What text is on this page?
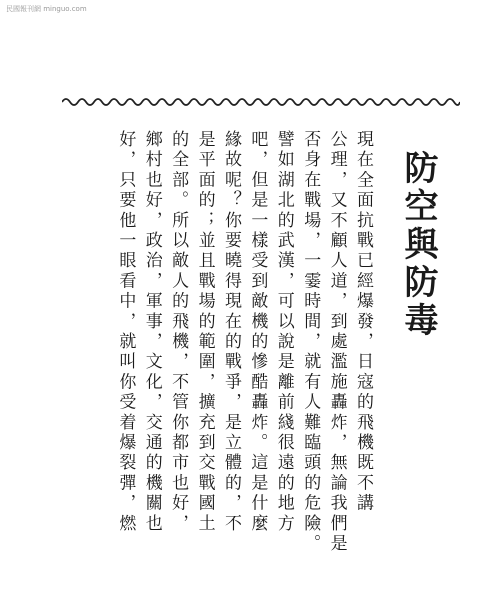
民國報刊網 minguo.com
防空與防毒
現在全面抗戰已經爆發，日寇的飛機既不講
公理，又不顧人道，到處濫施轟炸，無論我們是
否身在戰場，一霎時間，就有人難臨頭的危險。
譬如湖北的武漢，可以說是離前綫很遠的地方
吧，但是一樣受到敵機的慘酷轟炸。這是什麼
緣故呢？你要曉得現在的戰爭，是立體的，不
是平面的；並且戰場的範圍，擴充到交戰國土
的全部。所以敵人的飛機，不管你都市也好，
鄉村也好，政治，軍事，文化，交通的機關也
好，只要他一眼看中，就叫你受着爆裂彈，燃
